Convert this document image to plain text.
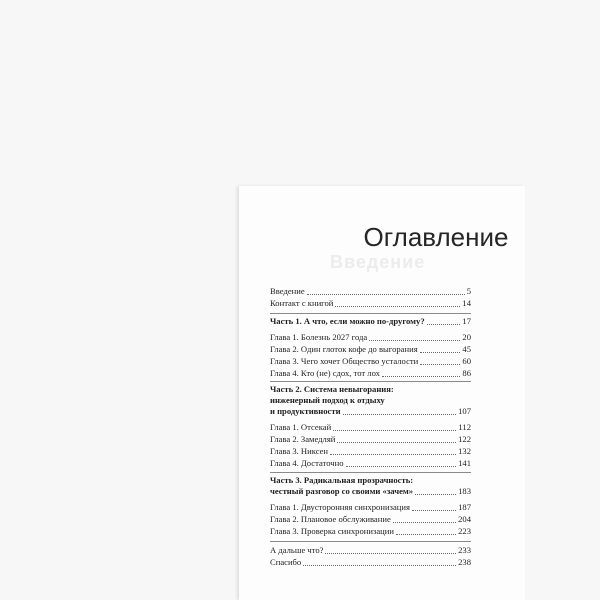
Введение
Оглавление
Введение	5
Контакт с книгой	14
Часть 1. А что, если можно по-другому?	17
Глава 1. Болезнь 2027 года	20
Глава 2. Один глоток кофе до выгорания	45
Глава 3. Чего хочет Общество усталости	60
Глава 4. Кто (не) сдох, тот лох	86
Часть 2. Система невыгорания:
инженерный подход к отдыху
и продуктивности	107
Глава 1. Отсекай	112
Глава 2. Замедляй	122
Глава 3. Никсен	132
Глава 4. Достаточно	141
Часть 3. Радикальная прозрачность:
честный разговор со своими «зачем»	183
Глава 1. Двусторонняя синхронизация	187
Глава 2. Плановое обслуживание	204
Глава 3. Проверка синхронизации	223
А дальше что?	233
Спасибо	238
